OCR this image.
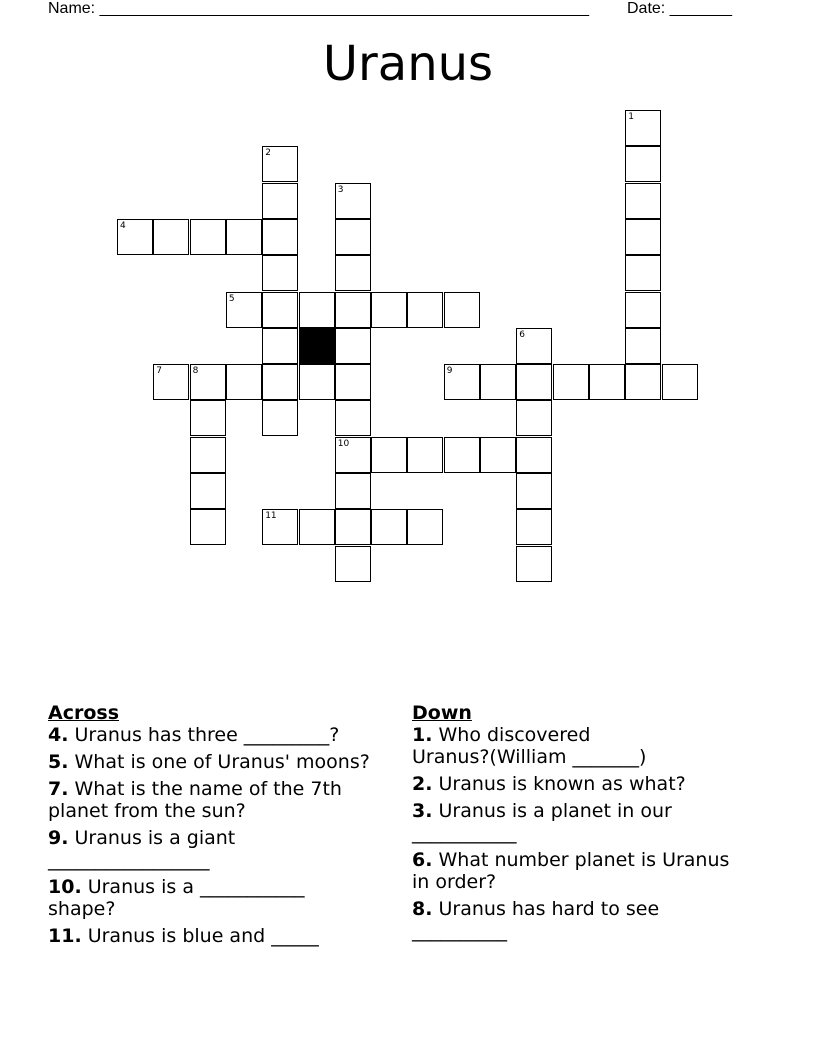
Name: _______________________________________________________ Date: _______
Uranus
1
2
3
10
4
5
6
7	8	9
11
Across
4. Uranus has three _________?
5. What is one of Uranus' moons?
7. What is the name of the 7th planet from the sun?
9. Uranus is a giant _________________
10. Uranus is a ___________ shape?
11. Uranus is blue and _____
Down
1. Who discovered Uranus?(William _______)
2. Uranus is known as what?
3. Uranus is a planet in our ___________
6. What number planet is Uranus in order?
8. Uranus has hard to see __________
